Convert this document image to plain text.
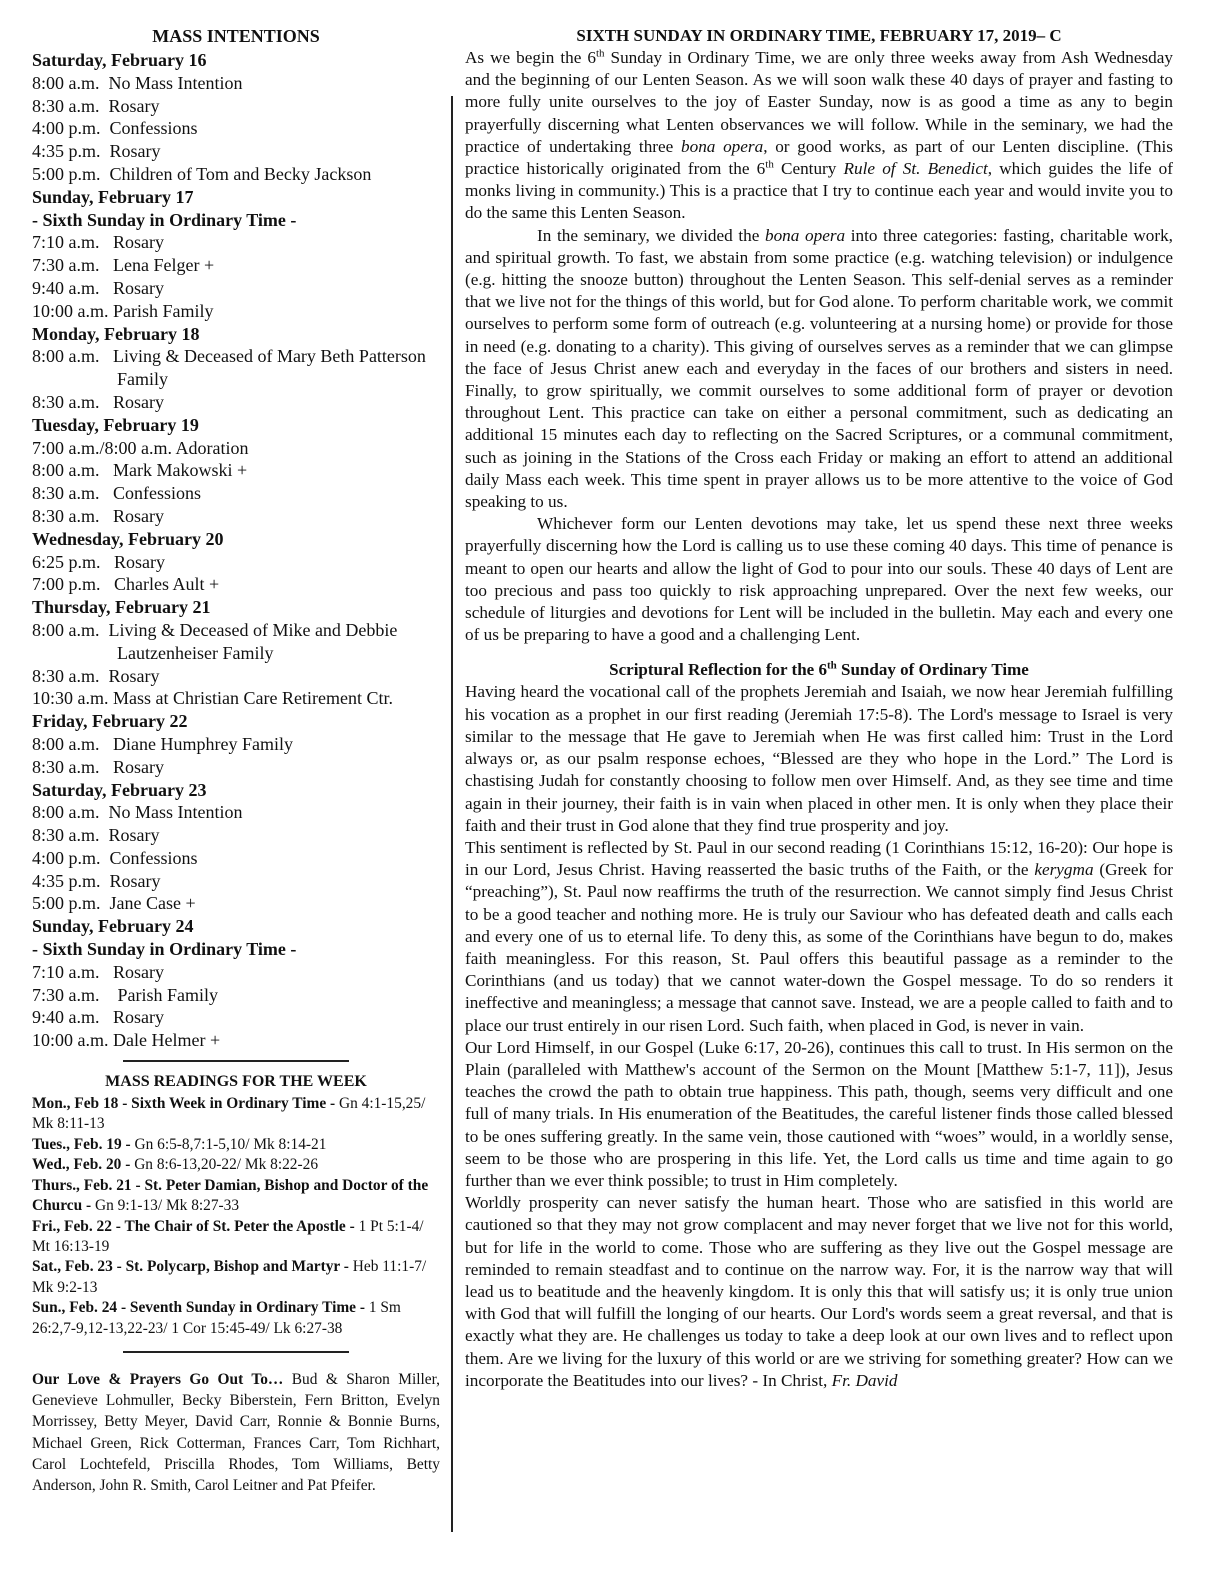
MASS INTENTIONS
Saturday, February 16
8:00 a.m.  No Mass Intention
8:30 a.m.  Rosary
4:00 p.m.  Confessions
4:35 p.m.  Rosary
5:00 p.m.  Children of Tom and Becky Jackson
Sunday, February 17
- Sixth Sunday in Ordinary Time -
7:10 a.m.   Rosary
7:30 a.m.   Lena Felger +
9:40 a.m.   Rosary
10:00 a.m. Parish Family
Monday, February 18
8:00 a.m.   Living & Deceased of Mary Beth Patterson Family
8:30 a.m.   Rosary
Tuesday, February 19
7:00 a.m./8:00 a.m. Adoration
8:00 a.m.   Mark Makowski +
8:30 a.m.   Confessions
8:30 a.m.   Rosary
Wednesday, February 20
6:25 p.m.   Rosary
7:00 p.m.   Charles Ault +
Thursday, February 21
8:00 a.m.  Living & Deceased of Mike and Debbie Lautzenheiser Family
8:30 a.m.  Rosary
10:30 a.m. Mass at Christian Care Retirement Ctr.
Friday, February 22
8:00 a.m.   Diane Humphrey Family
8:30 a.m.   Rosary
Saturday, February 23
8:00 a.m.  No Mass Intention
8:30 a.m.  Rosary
4:00 p.m.  Confessions
4:35 p.m.  Rosary
5:00 p.m.  Jane Case +
Sunday, February 24
- Sixth Sunday in Ordinary Time -
7:10 a.m.   Rosary
7:30 a.m.    Parish Family
9:40 a.m.   Rosary
10:00 a.m. Dale Helmer +
MASS READINGS FOR THE WEEK
Mon., Feb 18 - Sixth Week in Ordinary Time - Gn 4:1-15,25/ Mk 8:11-13
Tues., Feb. 19 - Gn 6:5-8,7:1-5,10/ Mk 8:14-21
Wed., Feb. 20 - Gn 8:6-13,20-22/ Mk 8:22-26
Thurs., Feb. 21 - St. Peter Damian, Bishop and Doctor of the Churcu - Gn 9:1-13/ Mk 8:27-33
Fri., Feb. 22 - The Chair of St. Peter the Apostle - 1 Pt 5:1-4/ Mt 16:13-19
Sat., Feb. 23 - St. Polycarp, Bishop and Martyr - Heb 11:1-7/ Mk 9:2-13
Sun., Feb. 24 - Seventh Sunday in Ordinary Time - 1 Sm 26:2,7-9,12-13,22-23/ 1 Cor 15:45-49/ Lk 6:27-38
Our Love & Prayers Go Out To… Bud & Sharon Miller, Genevieve Lohmuller, Becky Biberstein, Fern Britton, Evelyn Morrissey, Betty Meyer, David Carr, Ronnie & Bonnie Burns, Michael Green, Rick Cotterman, Frances Carr, Tom Richhart, Carol Lochtefeld, Priscilla Rhodes, Tom Williams, Betty Anderson, John R. Smith, Carol Leitner and Pat Pfeifer.
SIXTH SUNDAY IN ORDINARY TIME, FEBRUARY 17, 2019– C

As we begin the 6th Sunday in Ordinary Time, we are only three weeks away from Ash Wednesday and the beginning of our Lenten Season. As we will soon walk these 40 days of prayer and fasting to more fully unite ourselves to the joy of Easter Sunday, now is as good a time as any to begin prayerfully discerning what Lenten observances we will follow. While in the seminary, we had the practice of undertaking three bona opera, or good works, as part of our Lenten discipline. (This practice historically originated from the 6th Century Rule of St. Benedict, which guides the life of monks living in community.) This is a practice that I try to continue each year and would invite you to do the same this Lenten Season.

In the seminary, we divided the bona opera into three categories: fasting, charitable work, and spiritual growth. To fast, we abstain from some practice (e.g. watching television) or indulgence (e.g. hitting the snooze button) throughout the Lenten Season. This self-denial serves as a reminder that we live not for the things of this world, but for God alone. To perform charitable work, we commit ourselves to perform some form of outreach (e.g. volunteering at a nursing home) or provide for those in need (e.g. donating to a charity). This giving of ourselves serves as a reminder that we can glimpse the face of Jesus Christ anew each and everyday in the faces of our brothers and sisters in need. Finally, to grow spiritually, we commit ourselves to some additional form of prayer or devotion throughout Lent. This practice can take on either a personal commitment, such as dedicating an additional 15 minutes each day to reflecting on the Sacred Scriptures, or a communal commitment, such as joining in the Stations of the Cross each Friday or making an effort to attend an additional daily Mass each week. This time spent in prayer allows us to be more attentive to the voice of God speaking to us.

Whichever form our Lenten devotions may take, let us spend these next three weeks prayerfully discerning how the Lord is calling us to use these coming 40 days. This time of penance is meant to open our hearts and allow the light of God to pour into our souls. These 40 days of Lent are too precious and pass too quickly to risk approaching unprepared. Over the next few weeks, our schedule of liturgies and devotions for Lent will be included in the bulletin. May each and every one of us be preparing to have a good and a challenging Lent.

Scriptural Reflection for the 6th Sunday of Ordinary Time

Having heard the vocational call of the prophets Jeremiah and Isaiah, we now hear Jeremiah fulfilling his vocation as a prophet in our first reading (Jeremiah 17:5-8). The Lord's message to Israel is very similar to the message that He gave to Jeremiah when He was first called him: Trust in the Lord always or, as our psalm response echoes, “Blessed are they who hope in the Lord.” The Lord is chastising Judah for constantly choosing to follow men over Himself. And, as they see time and time again in their journey, their faith is in vain when placed in other men. It is only when they place their faith and their trust in God alone that they find true prosperity and joy.

This sentiment is reflected by St. Paul in our second reading (1 Corinthians 15:12, 16-20): Our hope is in our Lord, Jesus Christ. Having reasserted the basic truths of the Faith, or the kerygma (Greek for “preaching”), St. Paul now reaffirms the truth of the resurrection. We cannot simply find Jesus Christ to be a good teacher and nothing more. He is truly our Saviour who has defeated death and calls each and every one of us to eternal life. To deny this, as some of the Corinthians have begun to do, makes faith meaningless. For this reason, St. Paul offers this beautiful passage as a reminder to the Corinthians (and us today) that we cannot water-down the Gospel message. To do so renders it ineffective and meaningless; a message that cannot save. Instead, we are a people called to faith and to place our trust entirely in our risen Lord. Such faith, when placed in God, is never in vain.

Our Lord Himself, in our Gospel (Luke 6:17, 20-26), continues this call to trust. In His sermon on the Plain (paralleled with Matthew's account of the Sermon on the Mount [Matthew 5:1-7, 11]), Jesus teaches the crowd the path to obtain true happiness. This path, though, seems very difficult and one full of many trials. In His enumeration of the Beatitudes, the careful listener finds those called blessed to be ones suffering greatly. In the same vein, those cautioned with “woes” would, in a worldly sense, seem to be those who are prospering in this life. Yet, the Lord calls us time and time again to go further than we ever think possible; to trust in Him completely.

Worldly prosperity can never satisfy the human heart. Those who are satisfied in this world are cautioned so that they may not grow complacent and may never forget that we live not for this world, but for life in the world to come. Those who are suffering as they live out the Gospel message are reminded to remain steadfast and to continue on the narrow way. For, it is the narrow way that will lead us to beatitude and the heavenly kingdom. It is only this that will satisfy us; it is only true union with God that will fulfill the longing of our hearts. Our Lord's words seem a great reversal, and that is exactly what they are. He challenges us today to take a deep look at our own lives and to reflect upon them. Are we living for the luxury of this world or are we striving for something greater? How can we incorporate the Beatitudes into our lives? - In Christ, Fr. David
